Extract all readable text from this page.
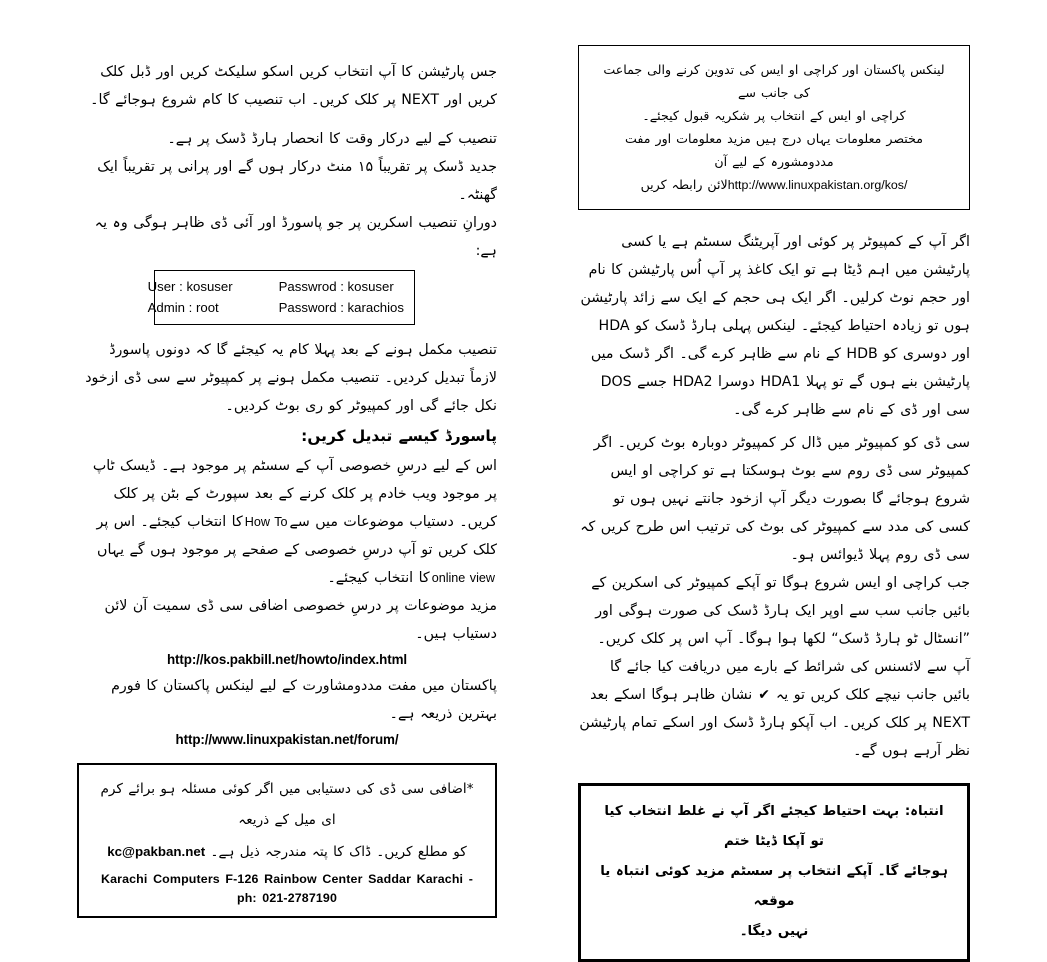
لینکس پاکستان اور کراچی او ایس کی تدوین کرنے والی جماعت کی جانب سے
کراچی او ایس کے انتخاب پر شکریہ قبول کیجئے۔
مختصر معلومات یہاں درج ہیں مزید معلومات اور مفت مددومشورہ کے لیے آن
http://www.linuxpakistan.org/kos/لائن رابطہ کریں
اگر آپ کے کمپیوٹر پر کوئی اور آپریٹنگ سسٹم ہے یا کسی پارٹیشن میں اہم ڈیٹا ہے تو ایک کاغذ پر آپ اُس پارٹیشن کا نام اور حجم نوٹ کرلیں۔ اگر ایک ہی حجم کے ایک سے زائد پارٹیشن ہوں تو زیادہ احتیاط کیجئے۔ لینکس پہلی ہارڈ ڈسک کو HDA اور دوسری کو HDB کے نام سے ظاہر کرے گی۔ اگر ڈسک میں پارٹیشن بنے ہوں گے تو پہلا HDA1 دوسرا HDA2 جسے DOS سی اور ڈی کے نام سے ظاہر کرے گی۔
سی ڈی کو کمپیوٹر میں ڈال کر کمپیوٹر دوبارہ بوٹ کریں۔ اگر کمپیوٹر سی ڈی روم سے بوٹ ہوسکتا ہے تو کراچی او ایس شروع ہوجائے گا بصورت دیگر آپ ازخود جانتے نہیں ہوں تو کسی کی مدد سے کمپیوٹر کی بوٹ کی ترتیب اس طرح کریں کہ سی ڈی روم پہلا ڈیوائس ہو۔
جب کراچی او ایس شروع ہوگا تو آپکے کمپیوٹر کی اسکرین کے بائیں جانب سب سے اوپر ایک ہارڈ ڈسک کی صورت ہوگی اور ”انسٹال ٹو ہارڈ ڈسک“ لکھا ہوا ہوگا۔ آپ اس پر کلک کریں۔ آپ سے لائسنس کی شرائط کے بارے میں دریافت کیا جائے گا بائیں جانب نیچے کلک کریں تو یہ✔نشان ظاہر ہوگا اسکے بعد NEXT پر کلک کریں۔ اب آپکو ہارڈ ڈسک اور اسکے تمام پارٹیشن نظر آرہے ہوں گے۔
انتباہ: بہت احتیاط کیجئے اگر آپ نے غلط انتخاب کیا تو آپکا ڈیٹا ختم
ہوجائے گا۔ آپکے انتخاب پر سسٹم مزید کوئی انتباہ یا موقعہ
نہیں دیگا۔
جس پارٹیشن کا آپ انتخاب کریں اسکو سلیکٹ کریں اور ڈبل کلک کریں اور NEXT پر کلک کریں۔ اب تنصیب کا کام شروع ہوجائے گا۔
تنصیب کے لیے درکار وقت کا انحصار ہارڈ ڈسک پر ہے۔
جدید ڈسک پر تقریباً ۱۵ منٹ درکار ہوں گے اور پرانی پر تقریباً ایک گھنٹہ۔
دورانِ تنصیب اسکرین پر جو پاسورڈ اور آئی ڈی ظاہر ہوگی وہ یہ ہے:
User : kosuser	Passwrod : kosuser
Admin : root	Password : karachios
تنصیب مکمل ہونے کے بعد پہلا کام یہ کیجئے گا کہ دونوں پاسورڈ لازماً تبدیل کردیں۔ تنصیب مکمل ہونے پر کمپیوٹر سے سی ڈی ازخود نکل جائے گی اور کمپیوٹر کو ری بوٹ کردیں۔
پاسورڈ کیسے تبدیل کریں:
اس کے لیے درسِ خصوصی آپ کے سسٹم پر موجود ہے۔ ڈیسک ٹاپ پر موجود ویب خادم پر کلک کرنے کے بعد سپورٹ کے بٹن پر کلک کریں۔ دستیاب موضوعات میں سےHow Toکا انتخاب کیجئے۔ اس پر کلک کریں تو آپ درسِ خصوصی کے صفحے پر موجود ہوں گے یہاںonline viewکا انتخاب کیجئے۔
مزید موضوعات پر درسِ خصوصی اضافی سی ڈی سمیت آن لائن دستیاب ہیں۔
http://kos.pakbill.net/howto/index.html
پاکستان میں مفت مددومشاورت کے لیے لینکس پاکستان کا فورم بہترین ذریعہ ہے۔
http://www.linuxpakistan.net/forum/
*اضافی سی ڈی کی دستیابی میں اگر کوئی مسئلہ ہو برائے کرم ای میل کے ذریعہ
کو مطلع کریں۔ ڈاک کا پتہ مندرجہ ذیل ہے۔ kc@pakban.net
Karachi Computers F-126 Rainbow Center Saddar Karachi - ph: 021-2787190
